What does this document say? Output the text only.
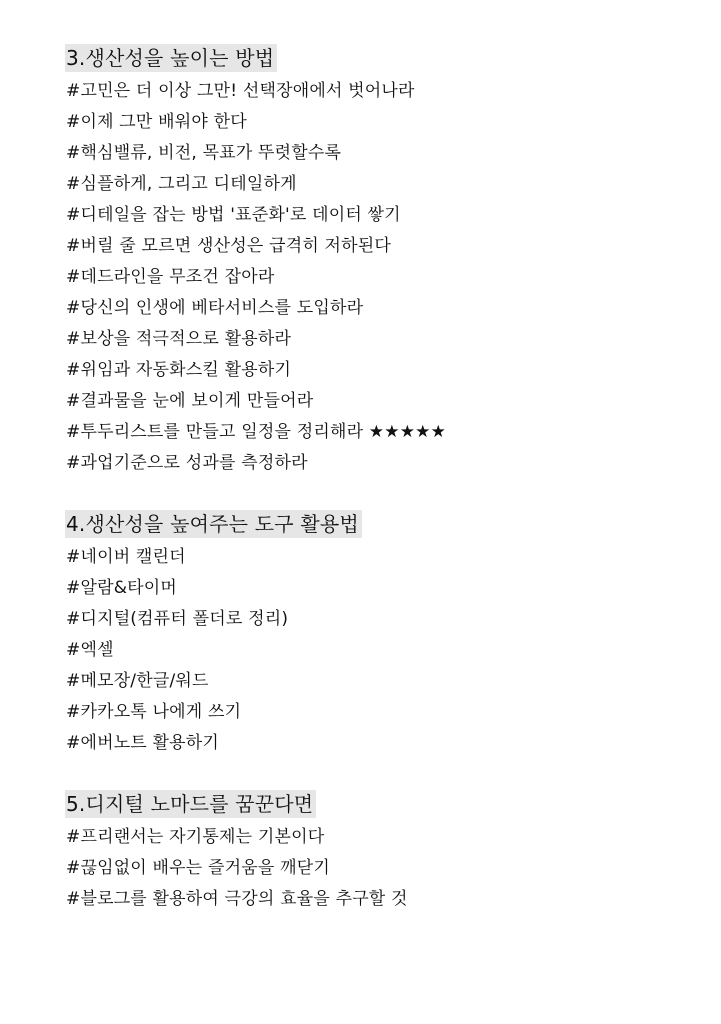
3.생산성을 높이는 방법
#고민은 더 이상 그만! 선택장애에서 벗어나라
#이제 그만 배워야 한다
#핵심밸류, 비전, 목표가 뚜렷할수록
#심플하게, 그리고 디테일하게
#디테일을 잡는 방법 '표준화'로 데이터 쌓기
#버릴 줄 모르면 생산성은 급격히 저하된다
#데드라인을 무조건 잡아라
#당신의 인생에 베타서비스를 도입하라
#보상을 적극적으로 활용하라
#위임과 자동화스킬 활용하기
#결과물을 눈에 보이게 만들어라
#투두리스트를 만들고 일정을 정리해라 ★★★★★
#과업기준으로 성과를 측정하라
4.생산성을 높여주는 도구 활용법
#네이버 캘린더
#알람&타이머
#디지털(컴퓨터 폴더로 정리)
#엑셀
#메모장/한글/워드
#카카오톡 나에게 쓰기
#에버노트 활용하기
5.디지털 노마드를 꿈꾼다면
#프리랜서는 자기통제는 기본이다
#끊임없이 배우는 즐거움을 깨닫기
#블로그를 활용하여 극강의 효율을 추구할 것
